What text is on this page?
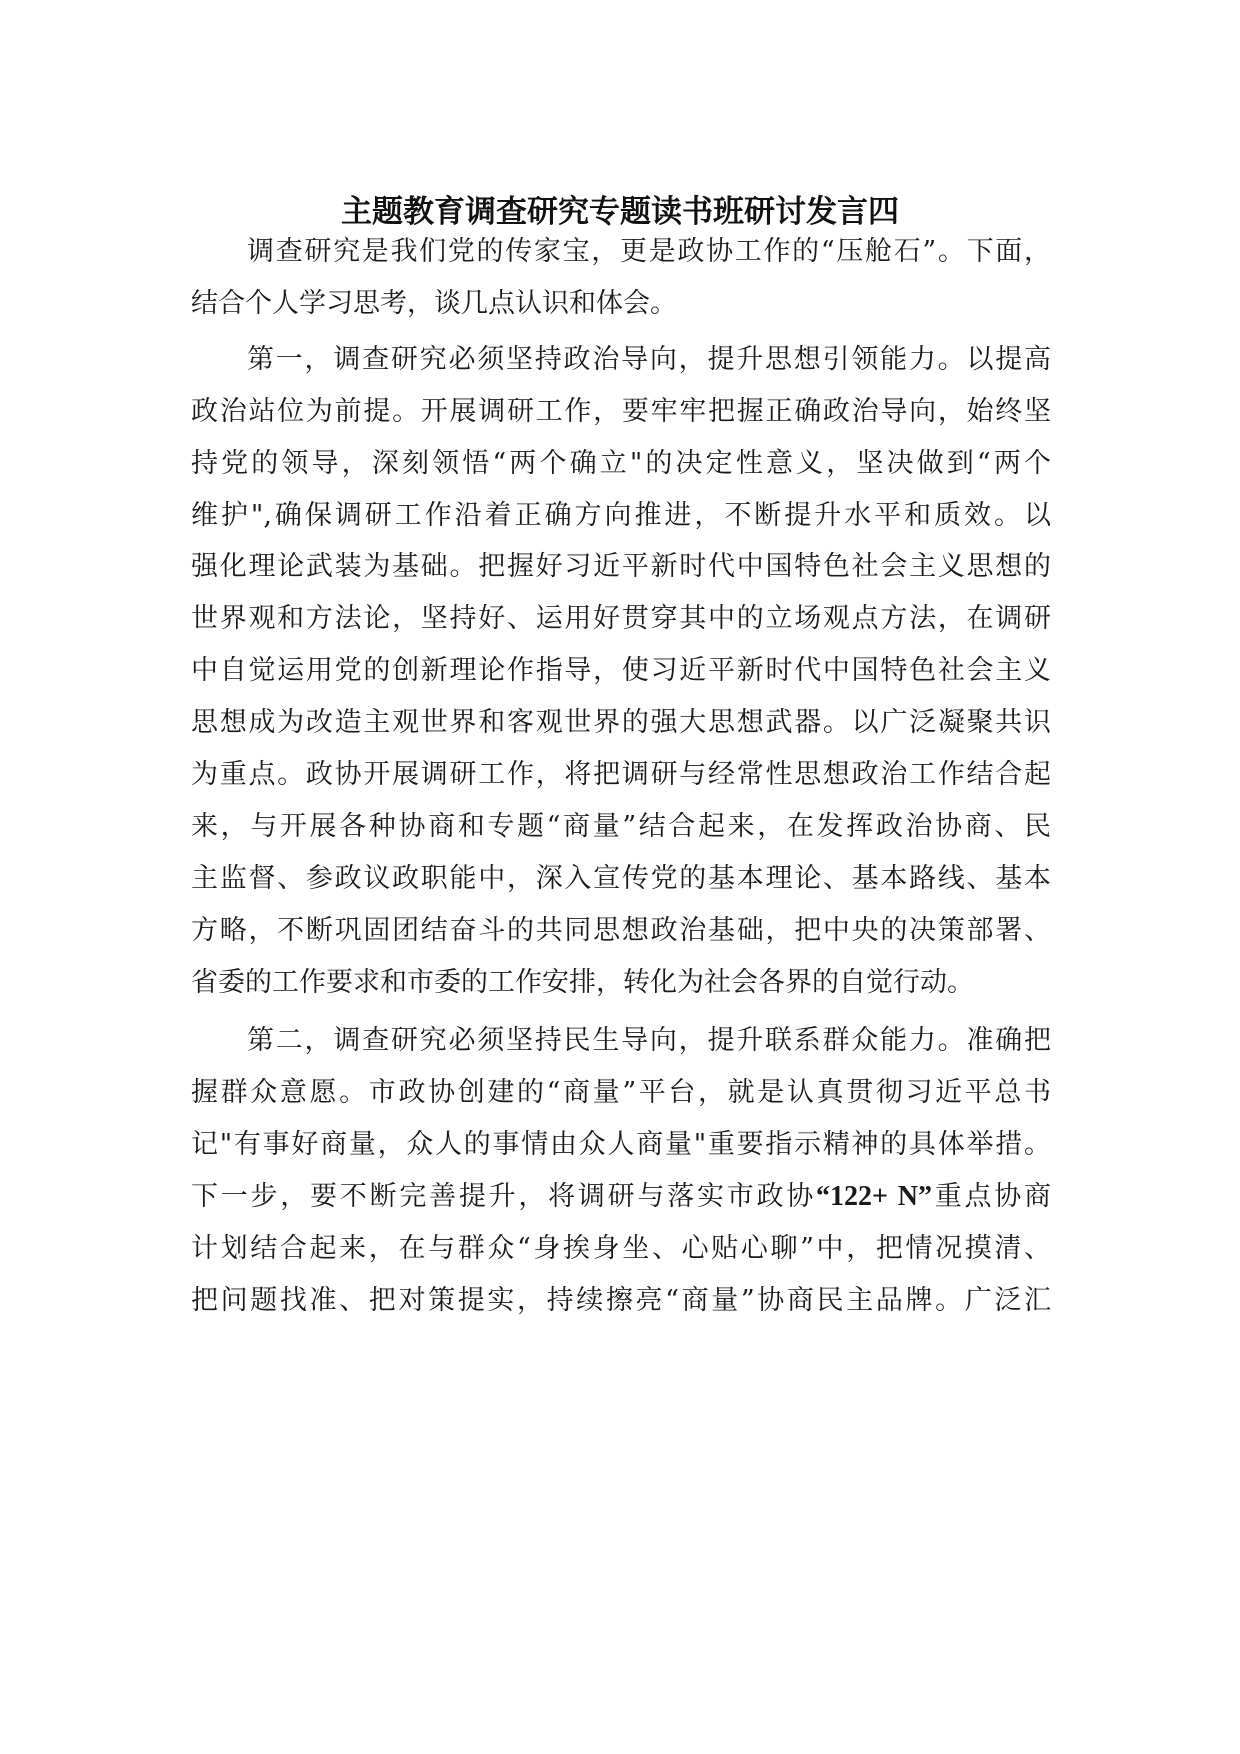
主题教育调查研究专题读书班研讨发言四
调查研究是我们党的传家宝，更是政协工作的“压舱石”。下面，
结合个人学习思考，谈几点认识和体会。
第一，调查研究必须坚持政治导向，提升思想引领能力。以提高
政治站位为前提。开展调研工作，要牢牢把握正确政治导向，始终坚
持党的领导，深刻领悟“两个确立"的决定性意义，坚决做到“两个
维护",确保调研工作沿着正确方向推进，不断提升水平和质效。以
强化理论武装为基础。把握好习近平新时代中国特色社会主义思想的
世界观和方法论，坚持好、运用好贯穿其中的立场观点方法，在调研
中自觉运用党的创新理论作指导，使习近平新时代中国特色社会主义
思想成为改造主观世界和客观世界的强大思想武器。以广泛凝聚共识
为重点。政协开展调研工作，将把调研与经常性思想政治工作结合起
来，与开展各种协商和专题“商量”结合起来，在发挥政治协商、民
主监督、参政议政职能中，深入宣传党的基本理论、基本路线、基本
方略，不断巩固团结奋斗的共同思想政治基础，把中央的决策部署、
省委的工作要求和市委的工作安排，转化为社会各界的自觉行动。
第二，调查研究必须坚持民生导向，提升联系群众能力。准确把
握群众意愿。市政协创建的“商量”平台，就是认真贯彻习近平总书
记"有事好商量，众人的事情由众人商量"重要指示精神的具体举措。
下一步，要不断完善提升，将调研与落实市政协“122+ N”重点协商
计划结合起来，在与群众“身挨身坐、心贴心聊”中，把情况摸清、
把问题找准、把对策提实，持续擦亮“商量”协商民主品牌。广泛汇
